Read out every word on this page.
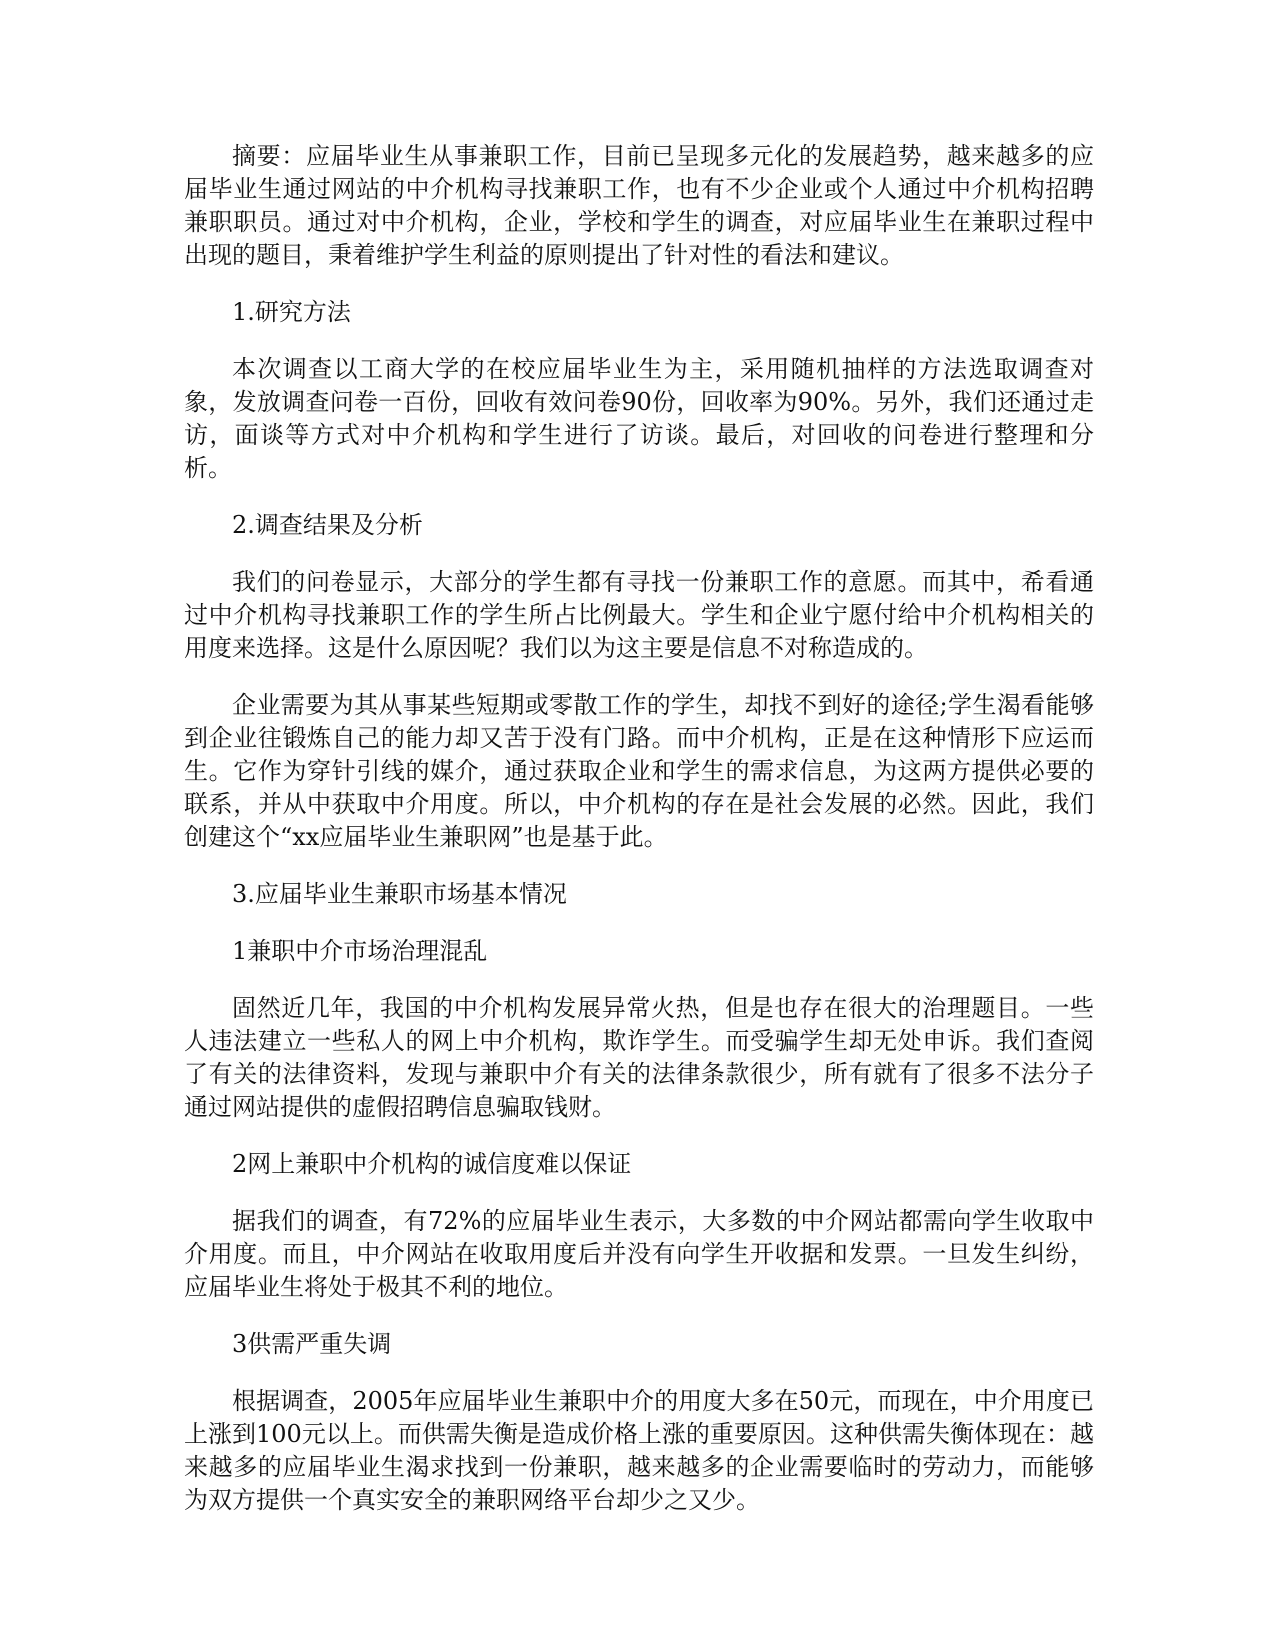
摘要：应届毕业生从事兼职工作，目前已呈现多元化的发展趋势，越来越多的应届毕业生通过网站的中介机构寻找兼职工作，也有不少企业或个人通过中介机构招聘兼职职员。通过对中介机构，企业，学校和学生的调查，对应届毕业生在兼职过程中出现的题目，秉着维护学生利益的原则提出了针对性的看法和建议。

1.研究方法

本次调查以工商大学的在校应届毕业生为主，采用随机抽样的方法选取调查对象，发放调查问卷一百份，回收有效问卷90份，回收率为90%。另外，我们还通过走访，面谈等方式对中介机构和学生进行了访谈。最后，对回收的问卷进行整理和分析。

2.调查结果及分析

我们的问卷显示，大部分的学生都有寻找一份兼职工作的意愿。而其中，希看通过中介机构寻找兼职工作的学生所占比例最大。学生和企业宁愿付给中介机构相关的用度来选择。这是什么原因呢？我们以为这主要是信息不对称造成的。

企业需要为其从事某些短期或零散工作的学生，却找不到好的途径;学生渴看能够到企业往锻炼自己的能力却又苦于没有门路。而中介机构，正是在这种情形下应运而生。它作为穿针引线的媒介，通过获取企业和学生的需求信息，为这两方提供必要的联系，并从中获取中介用度。所以，中介机构的存在是社会发展的必然。因此，我们创建这个“xx应届毕业生兼职网”也是基于此。

3.应届毕业生兼职市场基本情况

1兼职中介市场治理混乱

固然近几年，我国的中介机构发展异常火热，但是也存在很大的治理题目。一些人违法建立一些私人的网上中介机构，欺诈学生。而受骗学生却无处申诉。我们查阅了有关的法律资料，发现与兼职中介有关的法律条款很少，所有就有了很多不法分子通过网站提供的虚假招聘信息骗取钱财。

2网上兼职中介机构的诚信度难以保证

据我们的调查，有72%的应届毕业生表示，大多数的中介网站都需向学生收取中介用度。而且，中介网站在收取用度后并没有向学生开收据和发票。一旦发生纠纷，应届毕业生将处于极其不利的地位。

3供需严重失调

根据调查，2005年应届毕业生兼职中介的用度大多在50元，而现在，中介用度已上涨到100元以上。而供需失衡是造成价格上涨的重要原因。这种供需失衡体现在：越来越多的应届毕业生渴求找到一份兼职，越来越多的企业需要临时的劳动力，而能够为双方提供一个真实安全的兼职网络平台却少之又少。
